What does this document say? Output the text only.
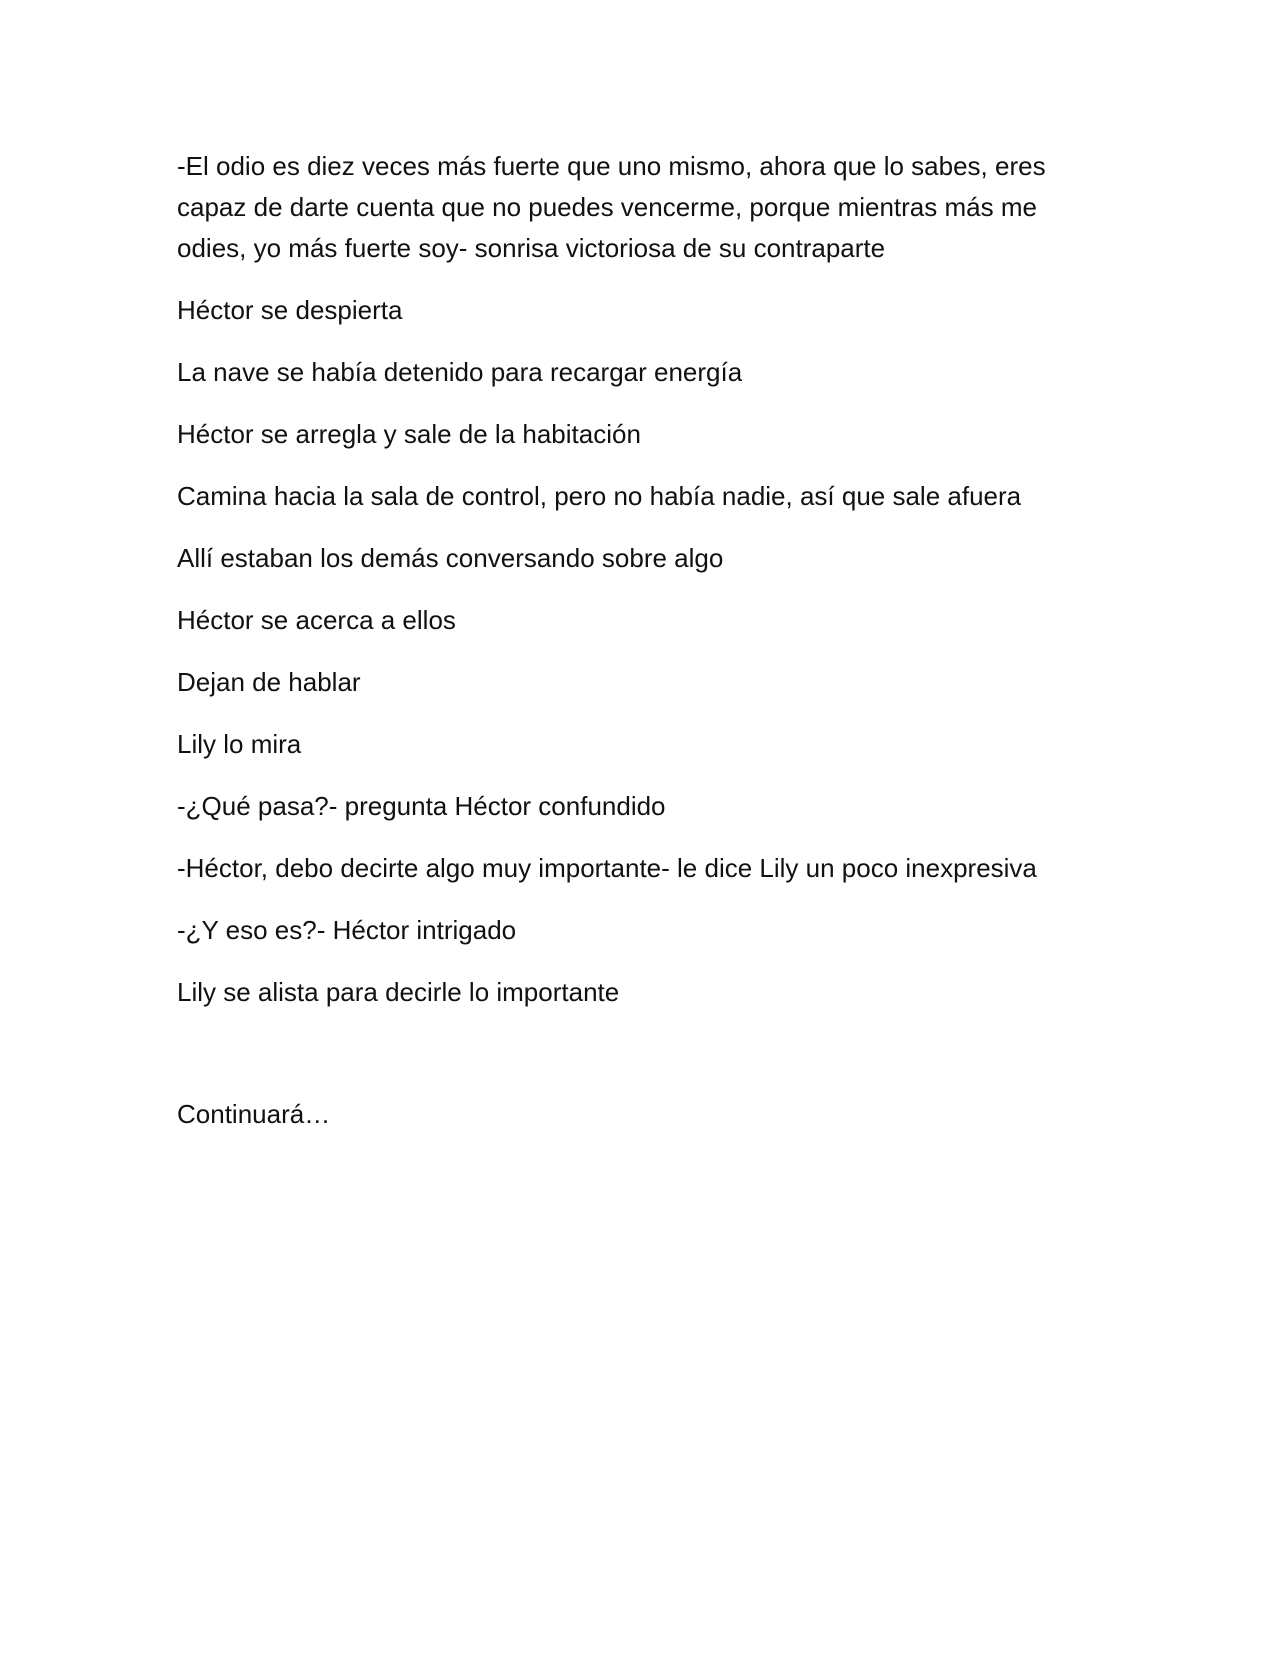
-El odio es diez veces más fuerte que uno mismo, ahora que lo sabes, eres capaz de darte cuenta que no puedes vencerme, porque mientras más me odies, yo más fuerte soy- sonrisa victoriosa de su contraparte

Héctor se despierta

La nave se había detenido para recargar energía

Héctor se arregla y sale de la habitación

Camina hacia la sala de control, pero no había nadie, así que sale afuera

Allí estaban los demás conversando sobre algo

Héctor se acerca a ellos

Dejan de hablar

Lily lo mira

-¿Qué pasa?- pregunta Héctor confundido

-Héctor, debo decirte algo muy importante- le dice Lily un poco inexpresiva

-¿Y eso es?- Héctor intrigado

Lily se alista para decirle lo importante

Continuará…
